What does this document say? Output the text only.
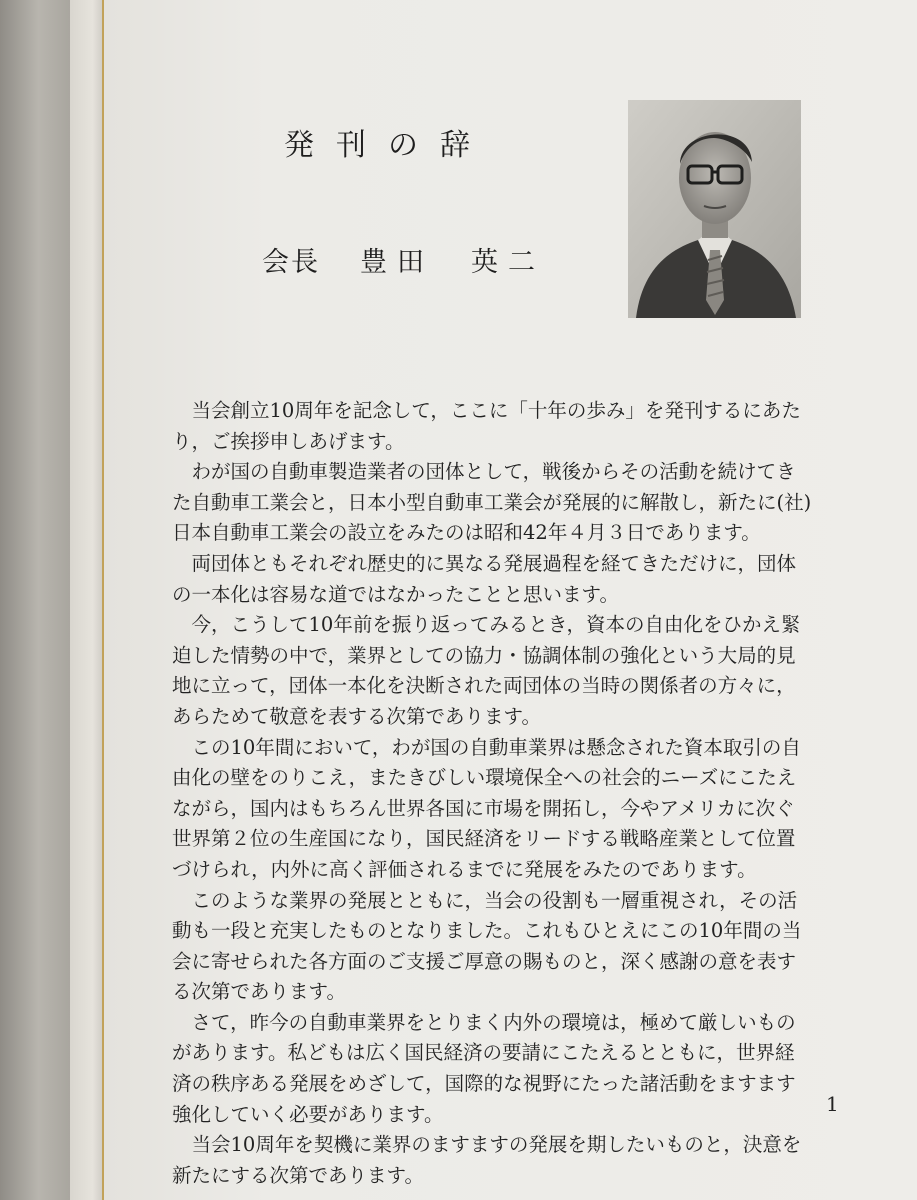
発刊の辞
会長 豊田　英二

当会創立10周年を記念して，ここに「十年の歩み」を発刊するにあたり，ご挨拶申しあげます。

わが国の自動車製造業者の団体として，戦後からその活動を続けてきた自動車工業会と，日本小型自動車工業会が発展的に解散し，新たに(社)日本自動車工業会の設立をみたのは昭和42年４月３日であります。

両団体ともそれぞれ歴史的に異なる発展過程を経てきただけに，団体の一本化は容易な道ではなかったことと思います。

今，こうして10年前を振り返ってみるとき，資本の自由化をひかえ緊迫した情勢の中で，業界としての協力・協調体制の強化という大局的見地に立って，団体一本化を決断された両団体の当時の関係者の方々に，あらためて敬意を表する次第であります。

この10年間において，わが国の自動車業界は懸念された資本取引の自由化の壁をのりこえ，またきびしい環境保全への社会的ニーズにこたえながら，国内はもちろん世界各国に市場を開拓し，今やアメリカに次ぐ世界第２位の生産国になり，国民経済をリードする戦略産業として位置づけられ，内外に高く評価されるまでに発展をみたのであります。

このような業界の発展とともに，当会の役割も一層重視され，その活動も一段と充実したものとなりました。これもひとえにこの10年間の当会に寄せられた各方面のご支援ご厚意の賜ものと，深く感謝の意を表する次第であります。

さて，昨今の自動車業界をとりまく内外の環境は，極めて厳しいものがあります。私どもは広く国民経済の要請にこたえるとともに，世界経済の秩序ある発展をめざして，国際的な視野にたった諸活動をますます強化していく必要があります。

当会10周年を契機に業界のますますの発展を期したいものと，決意を新たにする次第であります。

1
